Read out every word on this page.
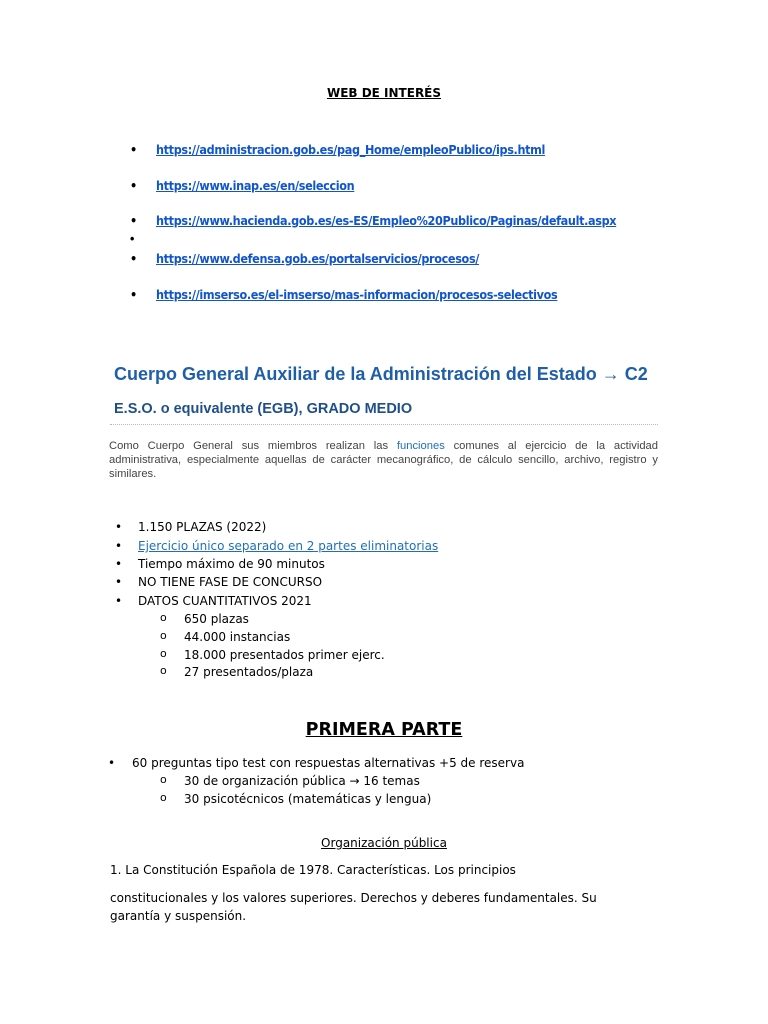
WEB DE INTERÉS
• https://administracion.gob.es/pag_Home/empleoPublico/ips.html
• https://www.inap.es/en/seleccion
• https://www.hacienda.gob.es/es-ES/Empleo%20Publico/Paginas/default.aspx
•
• https://www.defensa.gob.es/portalservicios/procesos/
• https://imserso.es/el-imserso/mas-informacion/procesos-selectivos
Cuerpo General Auxiliar de la Administración del Estado → C2
E.S.O. o equivalente (EGB), GRADO MEDIO
Como Cuerpo General sus miembros realizan las funciones comunes al ejercicio de la actividad administrativa, especialmente aquellas de carácter mecanográfico, de cálculo sencillo, archivo, registro y similares.
• 1.150 PLAZAS (2022)
• Ejercicio único separado en 2 partes eliminatorias
• Tiempo máximo de 90 minutos
• NO TIENE FASE DE CONCURSO
• DATOS CUANTITATIVOS 2021
o 650 plazas
o 44.000 instancias
o 18.000 presentados primer ejerc.
o 27 presentados/plaza
PRIMERA PARTE
• 60 preguntas tipo test con respuestas alternativas +5 de reserva
o 30 de organización pública → 16 temas
o 30 psicotécnicos (matemáticas y lengua)
Organización pública
1. La Constitución Española de 1978. Características. Los principios
constitucionales y los valores superiores. Derechos y deberes fundamentales. Su garantía y suspensión.
